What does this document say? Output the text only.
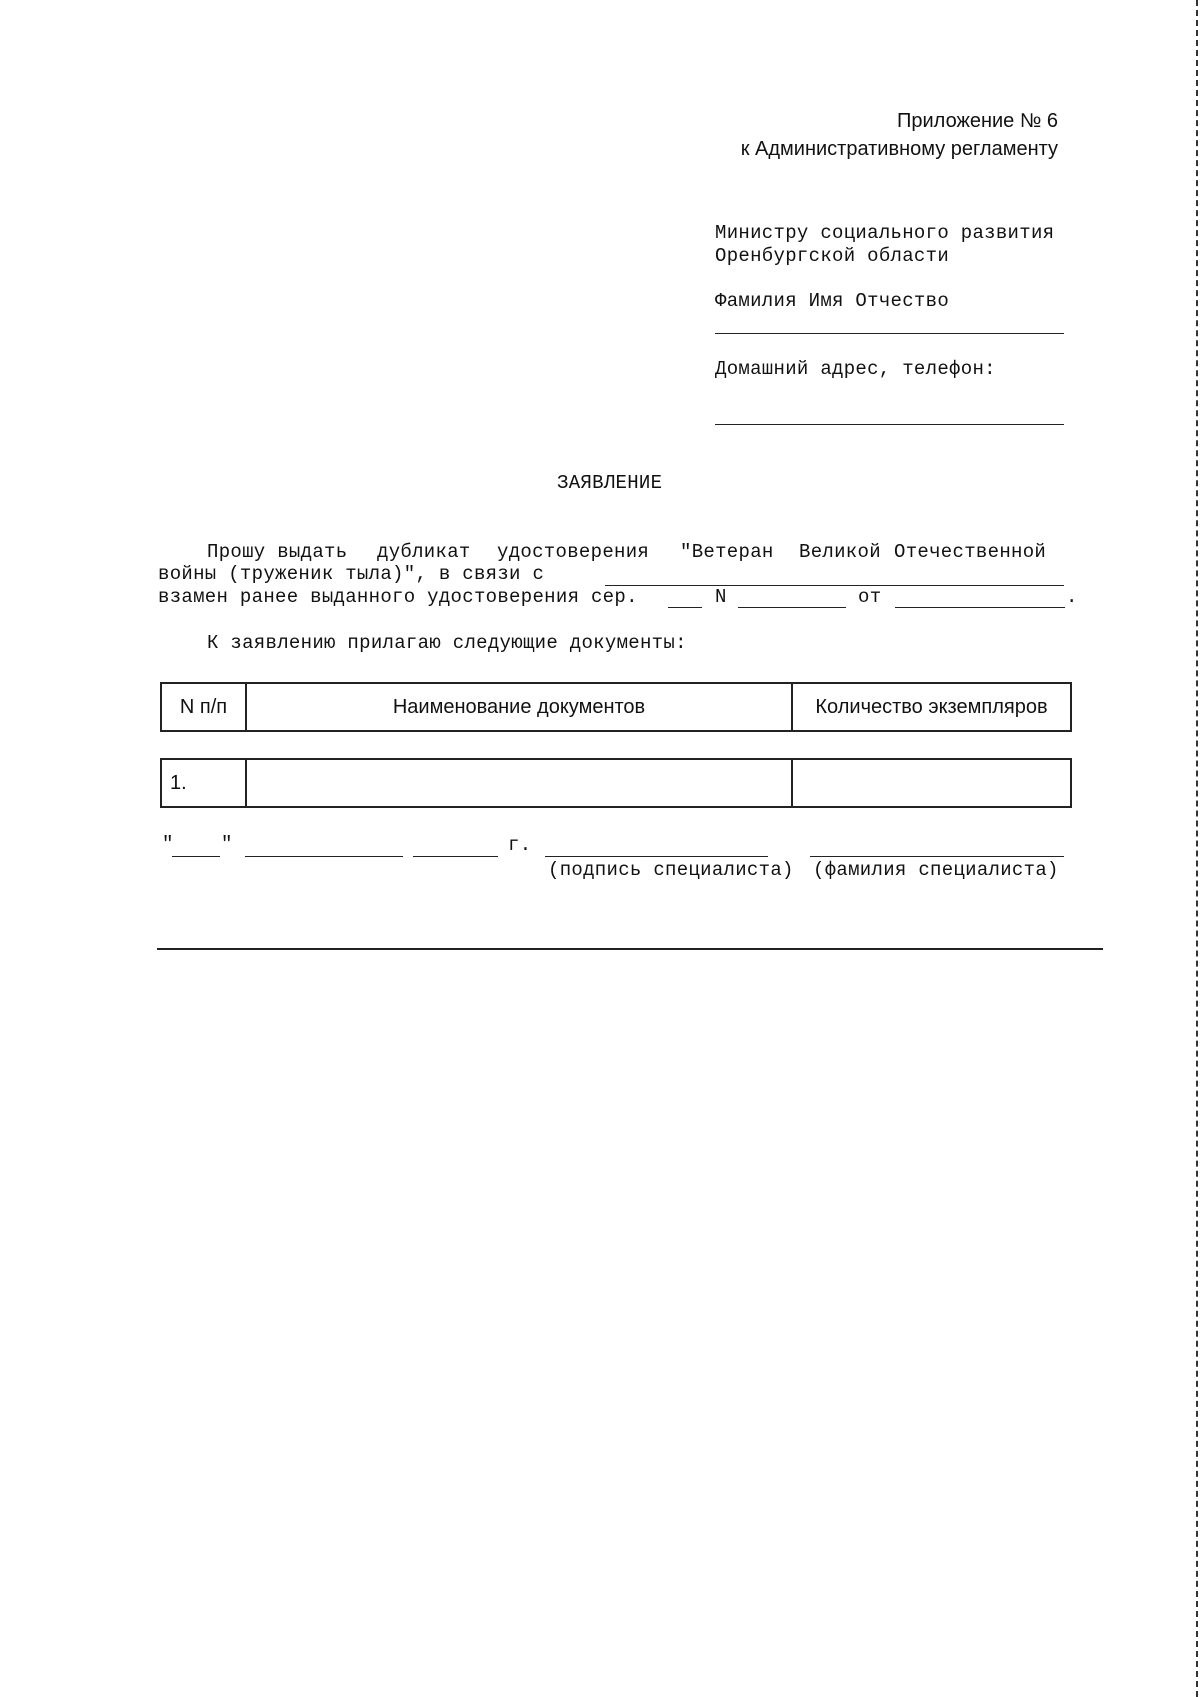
Приложение № 6
к Административному регламенту
Министру социального развития
Оренбургской области
Фамилия Имя Отчество
Домашний адрес, телефон:
ЗАЯВЛЕНИЕ
Прошу выдать дубликат удостоверения "Ветеран Великой Отечественной
войны (труженик тыла)", в связи с
взамен ранее выданного удостоверения сер.	N	от	.
К заявлению прилагаю следующие документы:
N п/п	Наименование документов	Количество экземпляров
1.
" "	г.
(подпись специалиста) (фамилия специалиста)
